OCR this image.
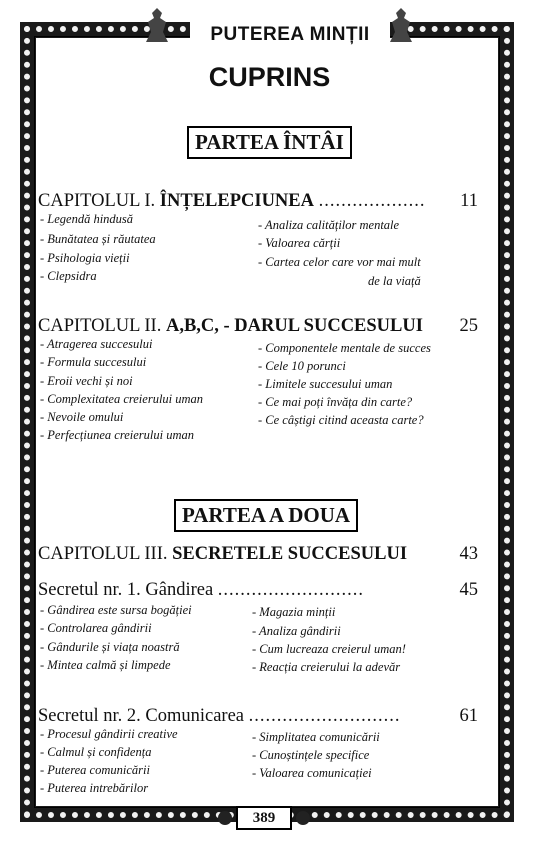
PUTEREA MINȚII
CUPRINS
PARTEA ÎNTÂI
CAPITOLUL I. ÎNȚELEPCIUNEA ................... 11
- Legendă hindusă
- Bunătatea și răutatea
- Psihologia vieții
- Clepsidra
- Analiza calităților mentale
- Valoarea cărții
- Cartea celor care vor mai mult
de la viață
CAPITOLUL II. A,B,C, - DARUL SUCCESULUI 25
- Atragerea succesului
- Formula succesului
- Eroii vechi și noi
- Complexitatea creierului uman
- Nevoile omului
- Perfecțiunea creierului uman
- Componentele mentale de succes
- Cele 10 porunci
- Limitele succesului uman
- Ce mai poți învăța din carte?
- Ce câștigi citind aceasta carte?
PARTEA A DOUA
CAPITOLUL III. SECRETELE SUCCESULUI	43
Secretul nr. 1. Gândirea ..........................	45
- Gândirea este sursa bogăției
- Controlarea gândirii
- Gândurile și viața noastră
- Mintea calmă și limpede
- Magazia minții
- Analiza gândirii
- Cum lucreaza creierul uman!
- Reacția creierului la adevăr
Secretul nr. 2. Comunicarea ...........................	61
- Procesul gândirii creative
- Calmul și confidența
- Puterea comunicării
- Puterea intrebărilor
- Simplitatea comunicării
- Cunoștințele specifice
- Valoarea comunicației
389
